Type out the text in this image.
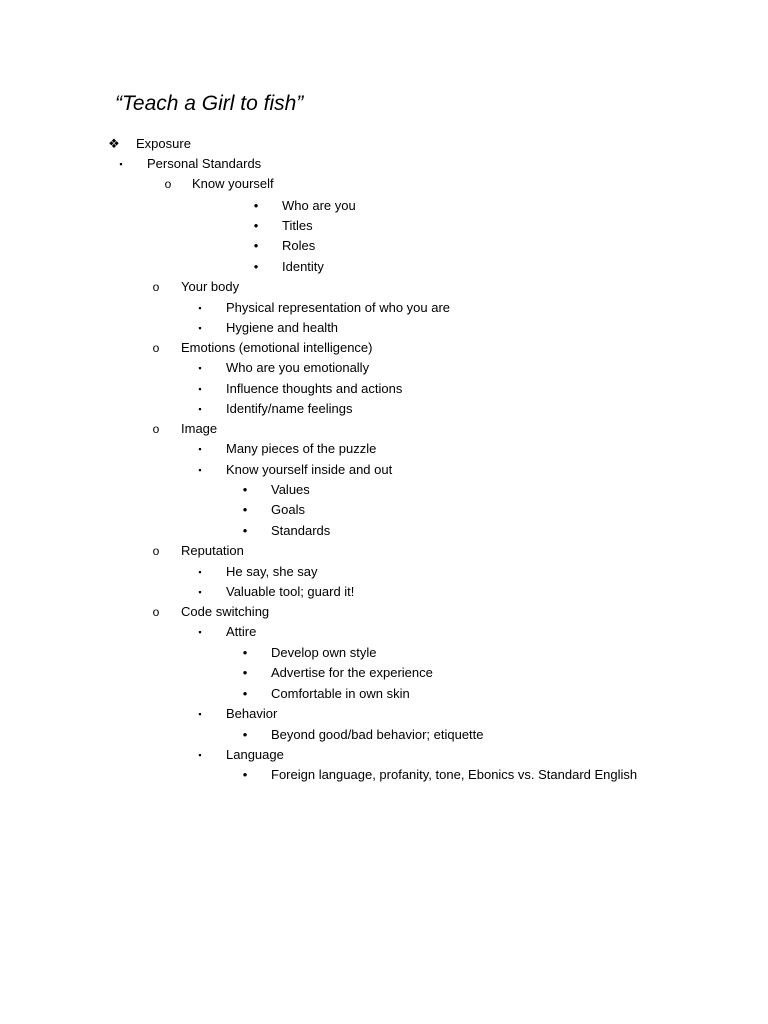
“Teach a Girl to fish”
❖ Exposure
▪	Personal Standards
o Know yourself
•	Who are you
•	Titles
•	Roles
•	Identity
o Your body
▪	Physical representation of who you are
▪	Hygiene and health
o Emotions (emotional intelligence)
▪	Who are you emotionally
▪	Influence thoughts and actions
▪	Identify/name feelings
o Image
▪	Many pieces of the puzzle
▪	Know yourself inside and out
•	Values
•	Goals
•	Standards
o Reputation
▪	He say, she say
▪	Valuable tool; guard it!
o Code switching
▪	Attire
•	Develop own style
•	Advertise for the experience
•	Comfortable in own skin
▪	Behavior
•	Beyond good/bad behavior; etiquette
▪	Language
•	Foreign language, profanity, tone, Ebonics vs. Standard English
